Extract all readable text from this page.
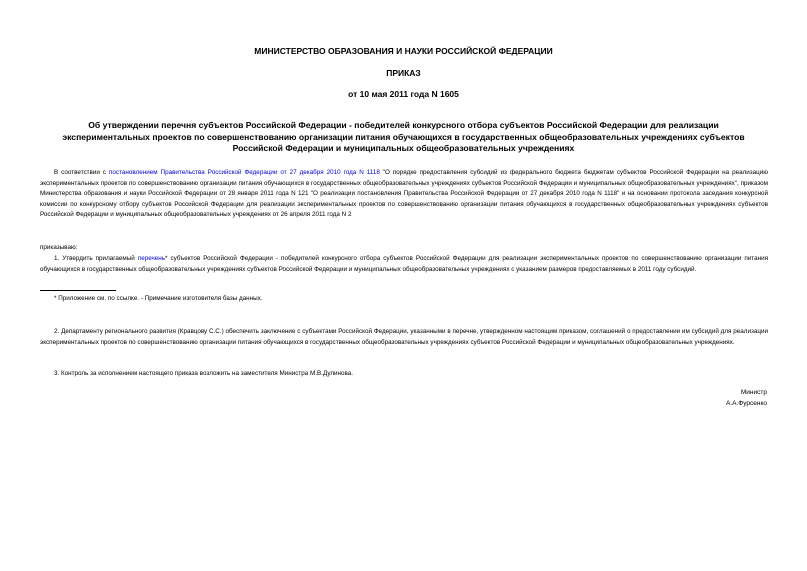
МИНИСТЕРСТВО ОБРАЗОВАНИЯ И НАУКИ РОССИЙСКОЙ ФЕДЕРАЦИИ
ПРИКАЗ
от 10 мая 2011 года N 1605
Об утверждении перечня субъектов Российской Федерации - победителей конкурсного отбора субъектов Российской Федерации для реализации экспериментальных проектов по совершенствованию организации питания обучающихся в государственных общеобразовательных учреждениях субъектов Российской Федерации и муниципальных общеобразовательных учреждениях
В соответствии с постановлением Правительства Российской Федерации от 27 декабря 2010 года N 1118 "О порядке предоставления субсидий из федерального бюджета бюджетам субъектов Российской Федерации на реализацию экспериментальных проектов по совершенствованию организации питания обучающихся в государственных общеобразовательных учреждениях субъектов Российской Федерации и муниципальных общеобразовательных учреждениях", приказом Министерства образования и науки Российской Федерации от 28 января 2011 года N 121 "О реализации постановления Правительства Российской Федерации от 27 декабря 2010 года N 1118" и на основании протокола заседания конкурсной комиссии по конкурсному отбору субъектов Российской Федерации для реализации экспериментальных проектов по совершенствованию организации питания обучающихся в государственных общеобразовательных учреждениях субъектов Российской Федерации и муниципальных общеобразовательных учреждениях от 26 апреля 2011 года N 2
приказываю:
1. Утвердить прилагаемый перечень* субъектов Российской Федерации - победителей конкурсного отбора субъектов Российской Федерации для реализации экспериментальных проектов по совершенствованию организации питания обучающихся в государственных общеобразовательных учреждениях субъектов Российской Федерации и муниципальных общеобразовательных учреждениях с указанием размеров предоставляемых в 2011 году субсидий.
* Приложение см. по ссылке. - Примечание изготовителя базы данных.
2. Департаменту регионального развития (Кравцову С.С.) обеспечить заключение с субъектами Российской Федерации, указанными в перечне, утвержденном настоящим приказом, соглашений о предоставлении им субсидий для реализации экспериментальных проектов по совершенствованию организации питания обучающихся в государственных общеобразовательных учреждениях субъектов Российской Федерации и муниципальных общеобразовательных учреждениях.
3. Контроль за исполнением настоящего приказа возложить на заместителя Министра М.В.Дулинова.
Министр
А.А.Фурсенко
